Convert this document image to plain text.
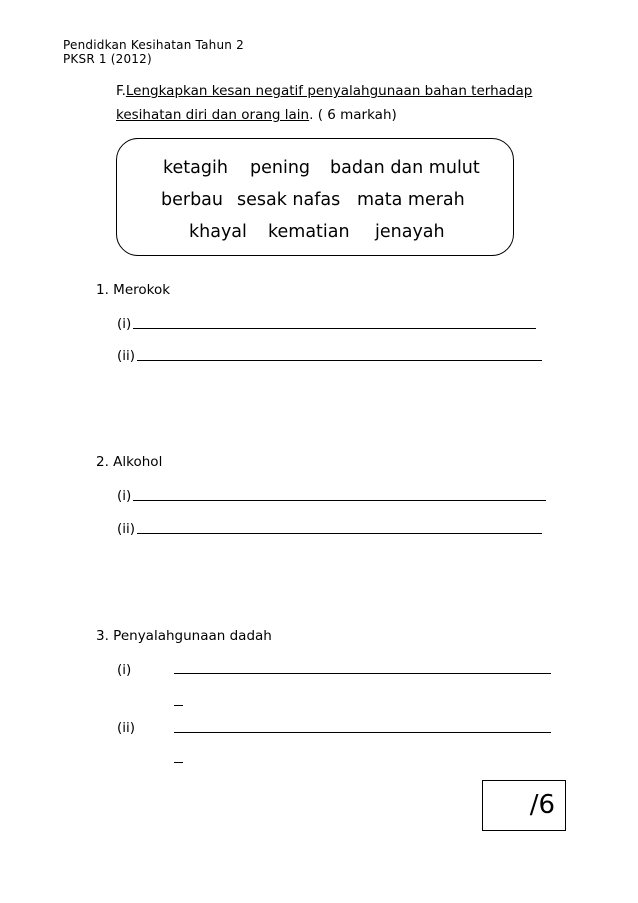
Pendidkan Kesihatan Tahun 2
PKSR 1 (2012)
F.Lengkapkan kesan negatif penyalahgunaan bahan terhadap
kesihatan diri dan orang lain. ( 6 markah)
ketagih pening badan dan mulut
berbau sesak nafas mata merah
khayal kematian jenayah
1. Merokok
(i)
(ii)
2. Alkohol
(i)
(ii)
3. Penyalahgunaan dadah
(i)
(ii)
/6
